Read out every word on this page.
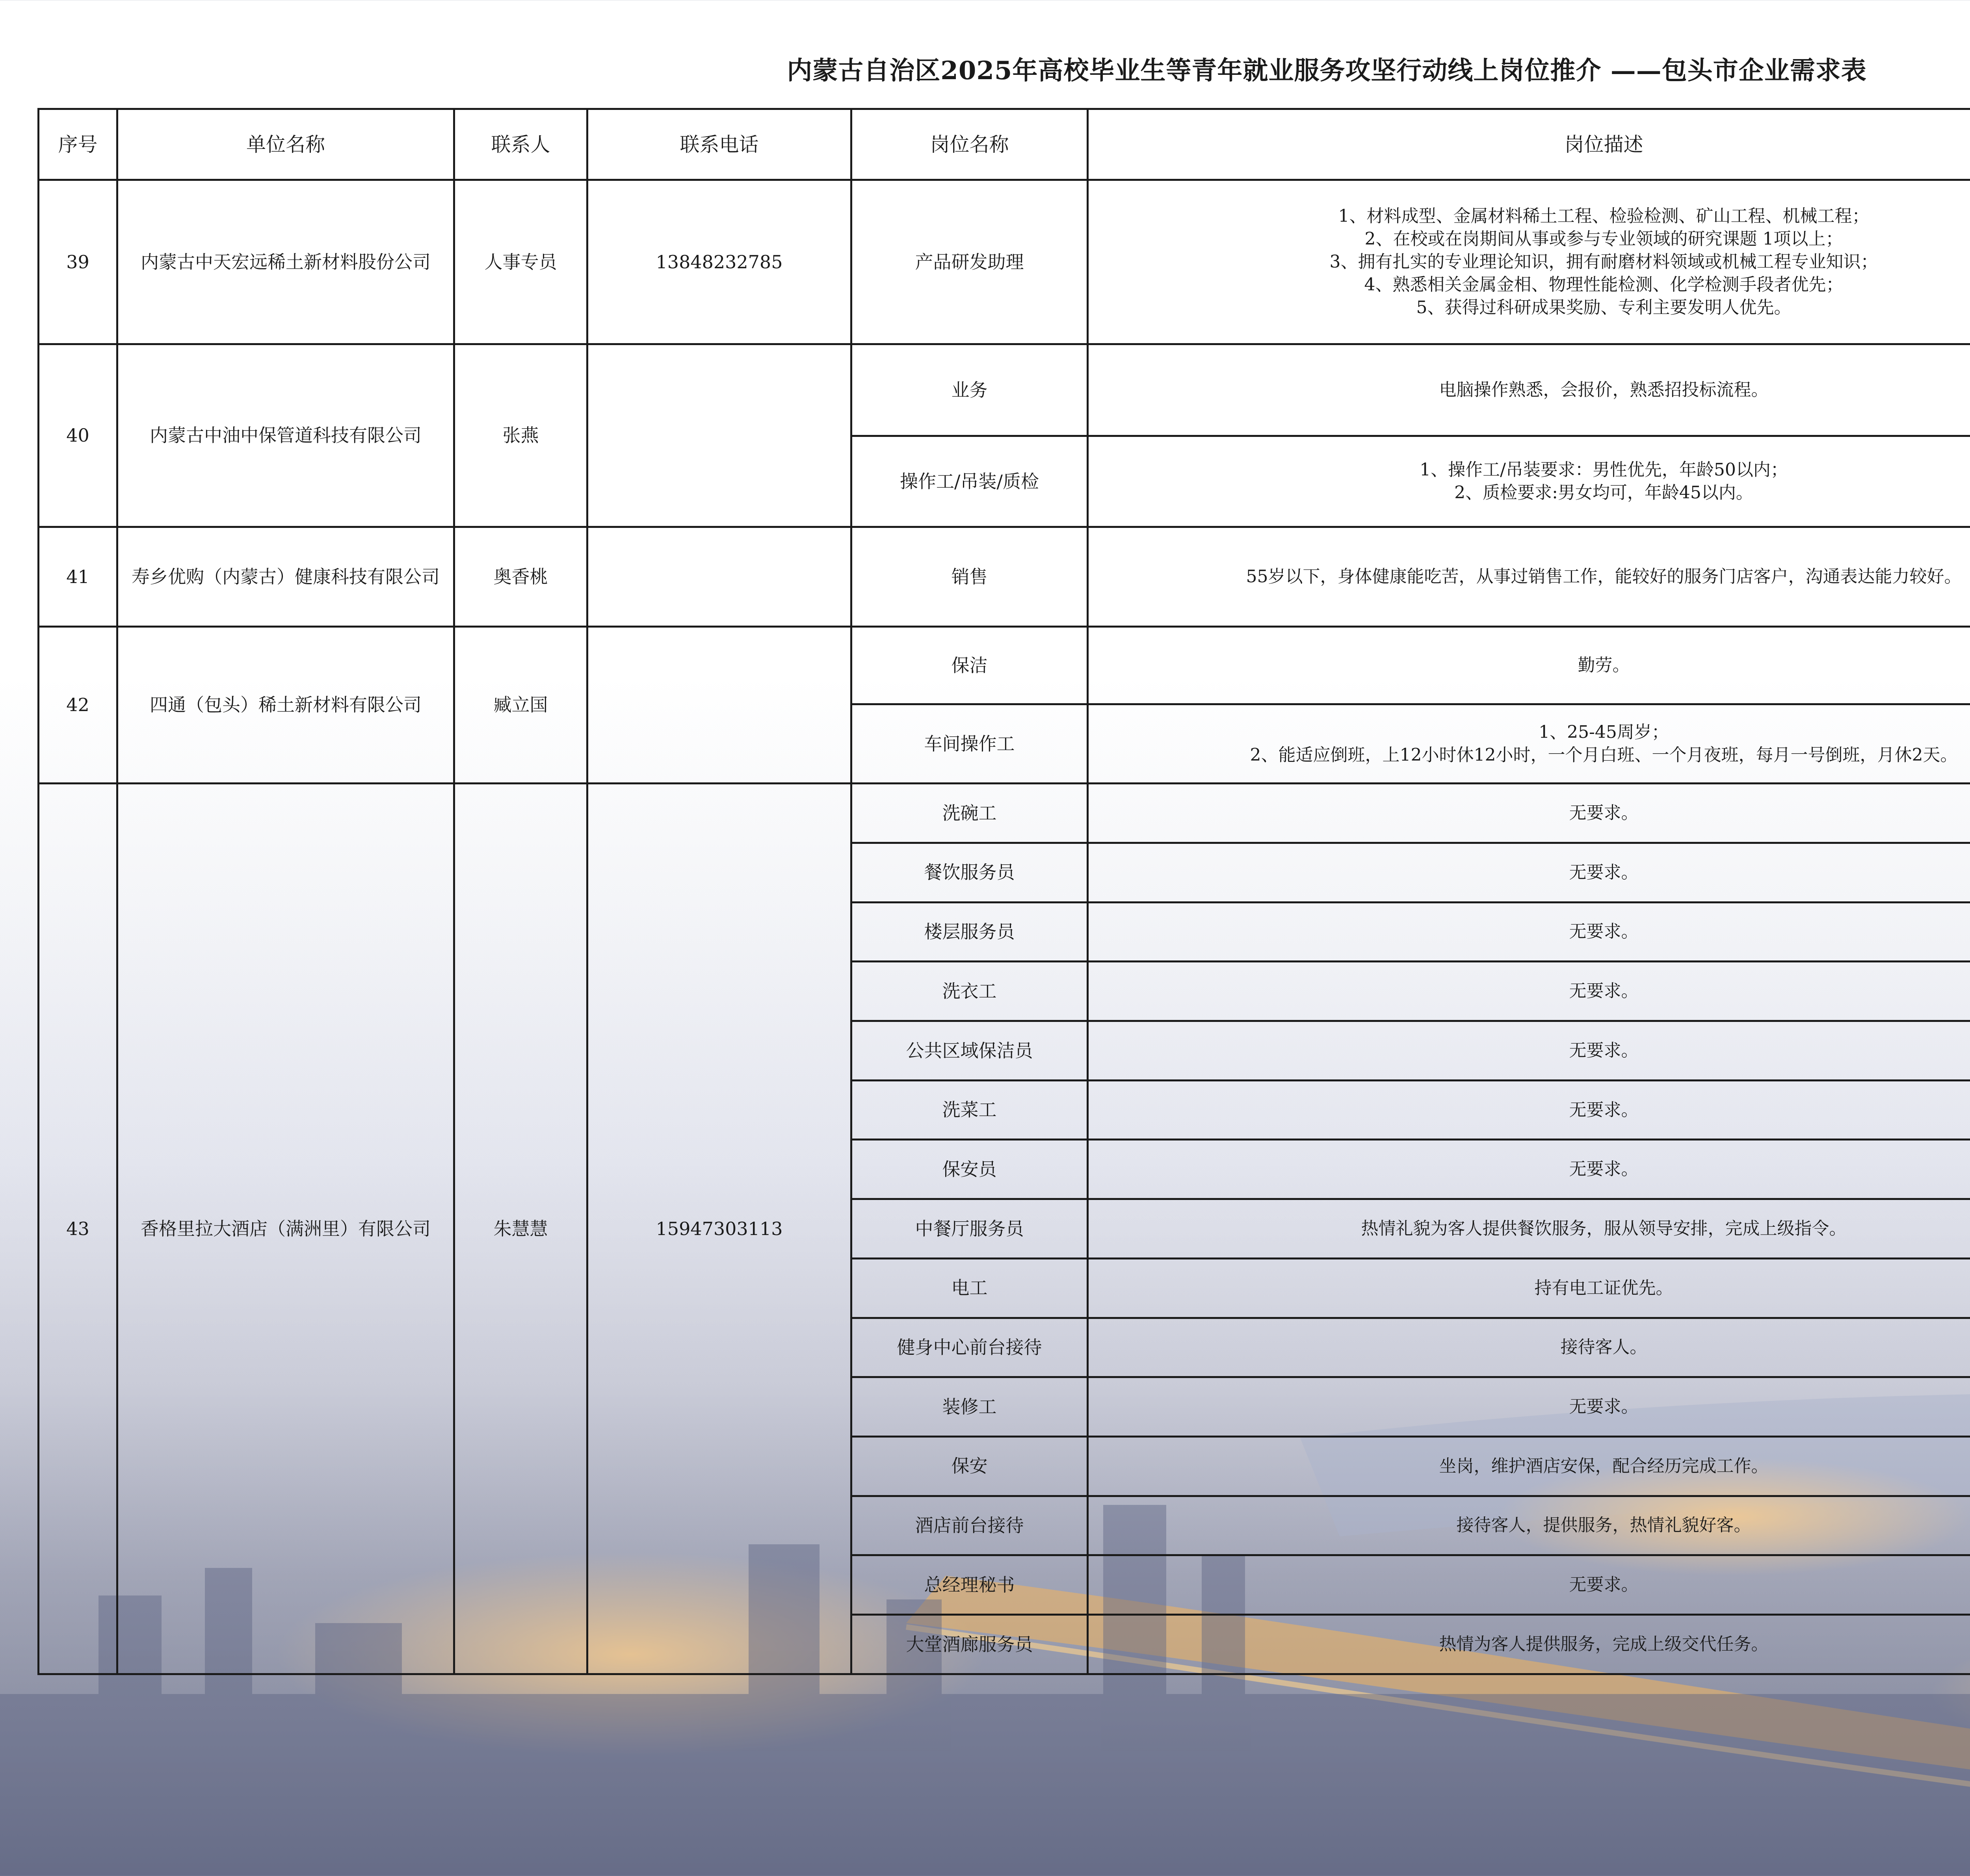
内蒙古自治区2025年高校毕业生等青年就业服务攻坚行动线上岗位推介 ——包头市企业需求表
序号	单位名称	联系人	联系电话	岗位名称	岗位描述				
39	内蒙古中天宏远稀土新材料股份公司	人事专员	13848232785	产品研发助理	1、材料成型、金属材料稀土工程、检验检测、矿山工程、机械工程；
2、在校或在岗期间从事或参与专业领域的研究课题 1项以上；
3、拥有扎实的专业理论知识，拥有耐磨材料领域或机械工程专业知识；
4、熟悉相关金属金相、物理性能检测、化学检测手段者优先；
5、获得过科研成果奖励、专利主要发明人优先。				
40	内蒙古中油中保管道科技有限公司	张燕		业务	电脑操作熟悉，会报价，熟悉招投标流程。				
				操作工/吊装/质检	1、操作工/吊装要求：男性优先，年龄50以内；
2、质检要求:男女均可，年龄45以内。				
41	寿乡优购（内蒙古）健康科技有限公司	奥香桃		销售	55岁以下，身体健康能吃苦，从事过销售工作，能较好的服务门店客户，沟通表达能力较好。				
42	四通（包头）稀土新材料有限公司	臧立国		保洁	勤劳。				
				车间操作工	1、25-45周岁；
2、能适应倒班，上12小时休12小时，一个月白班、一个月夜班，每月一号倒班，月休2天。				
43	香格里拉大酒店（满洲里）有限公司	朱慧慧	15947303113	洗碗工	无要求。				
				餐饮服务员	无要求。				
				楼层服务员	无要求。				
				洗衣工	无要求。				
				公共区域保洁员	无要求。				
				洗菜工	无要求。				
				保安员	无要求。				
				中餐厅服务员	热情礼貌为客人提供餐饮服务，服从领导安排，完成上级指令。				
				电工	持有电工证优先。				
				健身中心前台接待	接待客人。				
				装修工	无要求。				
				保安	坐岗，维护酒店安保，配合经历完成工作。				
				酒店前台接待	接待客人，提供服务，热情礼貌好客。				
				总经理秘书	无要求。				
				大堂酒廊服务员	热情为客人提供服务，完成上级交代任务。				
